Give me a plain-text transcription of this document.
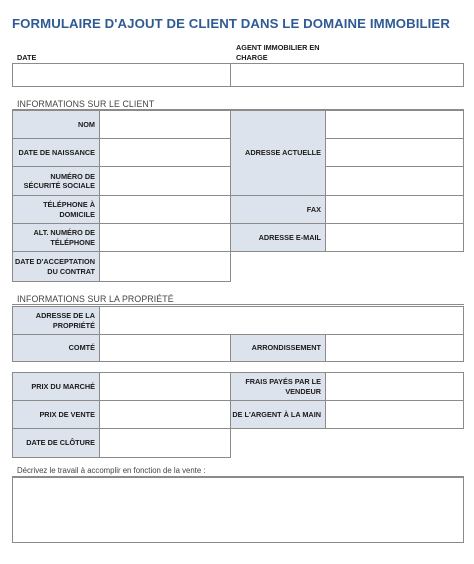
FORMULAIRE D'AJOUT DE CLIENT DANS LE DOMAINE IMMOBILIER
DATE
AGENT IMMOBILIER EN CHARGE
INFORMATIONS SUR LE CLIENT
NOM
DATE DE NAISSANCE
NUMÉRO DE SÉCURITÉ SOCIALE
TÉLÉPHONE À DOMICILE
ALT. NUMÉRO DE TÉLÉPHONE
DATE D'ACCEPTATION DU CONTRAT
ADRESSE ACTUELLE
FAX
ADRESSE E-MAIL
INFORMATIONS SUR LA PROPRIÉTÉ
ADRESSE DE LA PROPRIÉTÉ
COMTÉ	ARRONDISSEMENT
PRIX DU MARCHÉ
FRAIS PAYÉS PAR LE VENDEUR
PRIX DE VENTE	DE L'ARGENT À LA MAIN
DATE DE CLÔTURE
Décrivez le travail à accomplir en fonction de la vente :
